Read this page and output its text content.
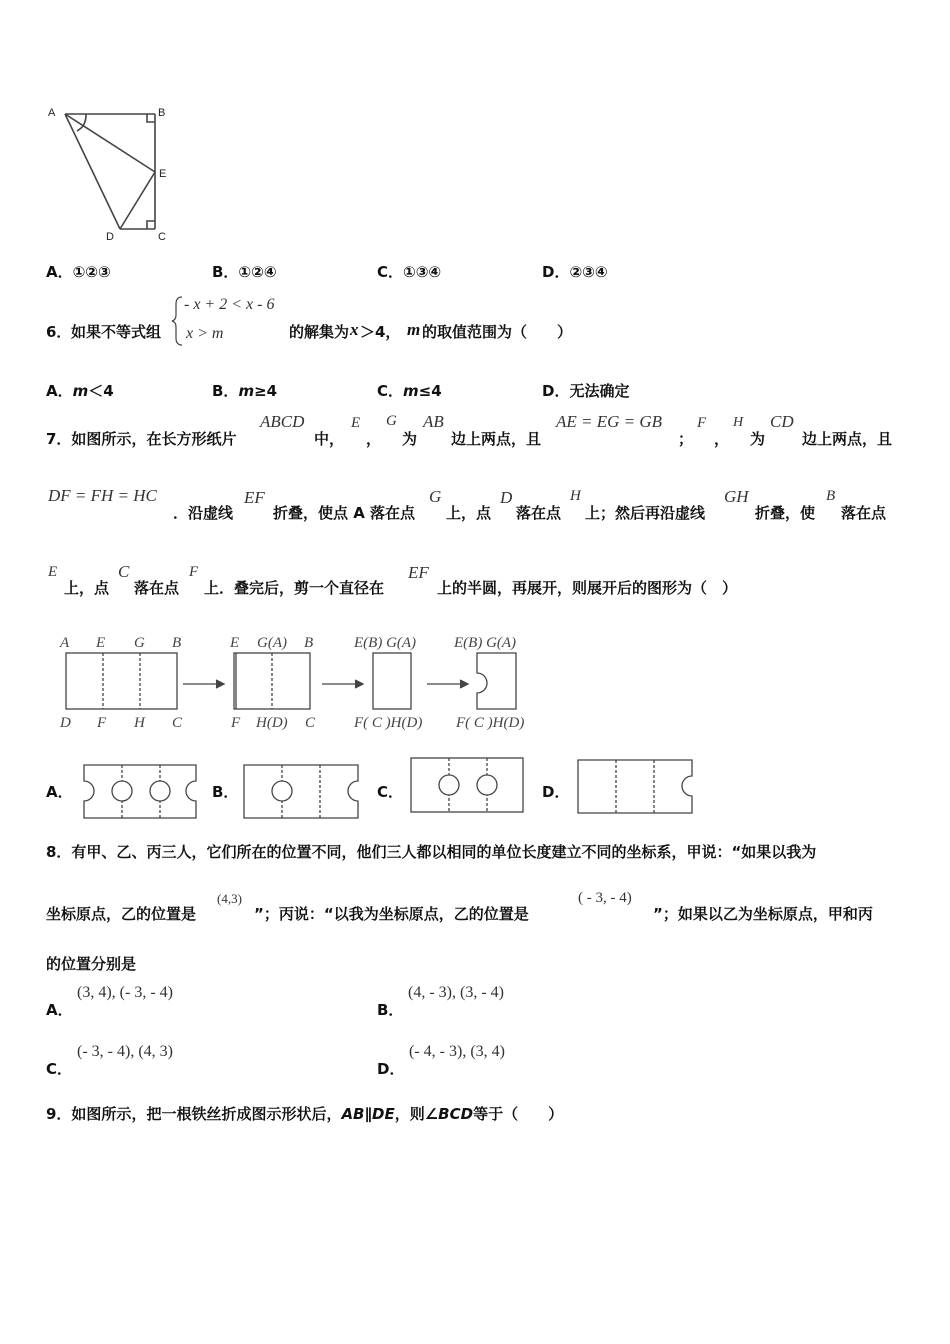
A	B
E
D	C
A．①②③	B．①②④	C．①③④	D．②③④
6． 如果不等式组
- x + 2 < x - 6
x > m	的解集为 x ＞4， m 的取值范围为（　　）
A．m＜4	B．m≥4	C．m≤4	D．无法确定
7．如图所示，在长方形纸片
ABCD
中，
E
，
G
为
AB
边上两点，且
AE = EG = GB
；
F
，
H
为
CD
边上两点，且
DF = FH = HC
．沿虚线
EF
折叠，使点 A 落在点
G
上，点
D
落在点
H
上；然后再沿虚线
GH
折叠，使
B
落在点
E
上，点
C
落在点
F
上．叠完后，剪一个直径在
EF
上的半圆，再展开，则展开后的图形为（　）
A E G B
D F H C
E G(A) B
F H(D) C
E(B) G(A)
F( C )H(D)
E(B) G(A)
F( C )H(D)
A．	B．	C．	D．
8．有甲、乙、丙三人，它们所在的位置不同，他们三人都以相同的单位长度建立不同的坐标系，甲说：“如果以我为
坐标原点，乙的位置是
(4,3)
”；丙说：“以我为坐标原点，乙的位置是
( - 3, - 4)
”；如果以乙为坐标原点，甲和丙
的位置分别是
A．
(3, 4), (- 3, - 4)
B．
(4, - 3), (3, - 4)
C．
(- 3, - 4), (4, 3)
D．
(- 4, - 3), (3, 4)
9．如图所示，把一根铁丝折成图示形状后，AB∥DE，则∠BCD等于（　　）
